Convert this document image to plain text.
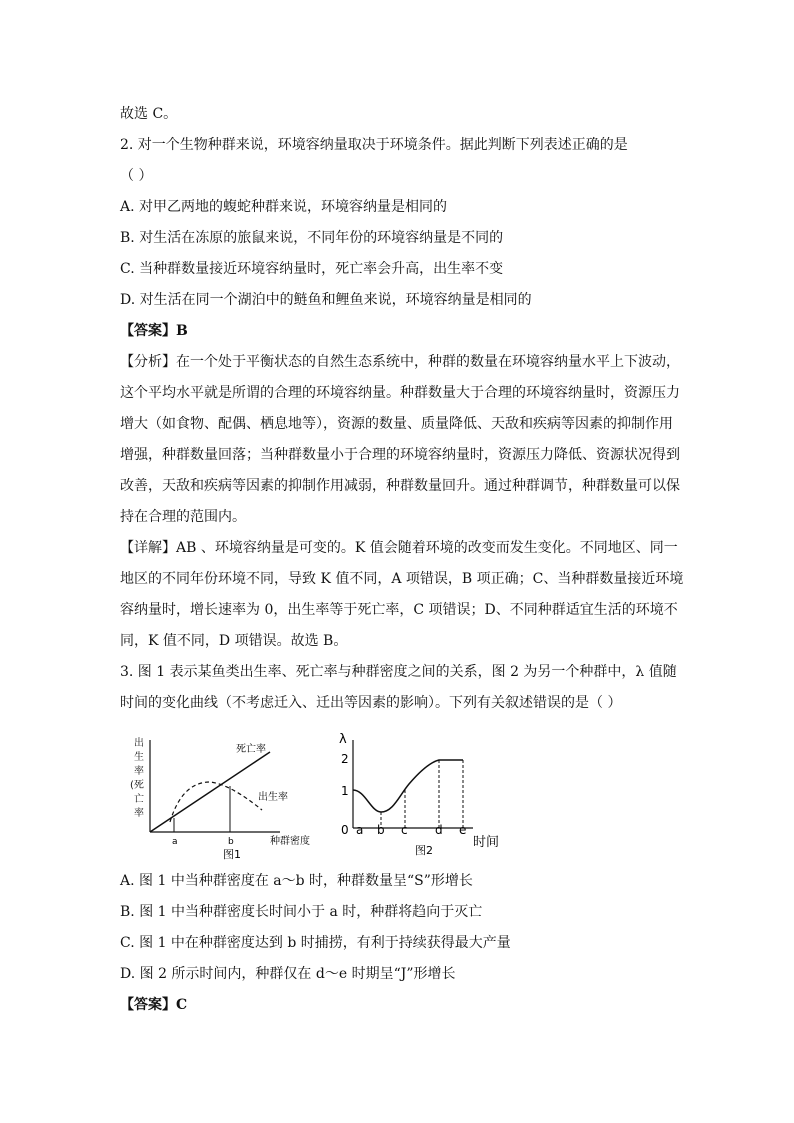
故选 C。
2. 对一个生物种群来说，环境容纳量取决于环境条件。据此判断下列表述正确的是
（ ）
A. 对甲乙两地的蝮蛇种群来说，环境容纳量是相同的
B. 对生活在冻原的旅鼠来说，不同年份的环境容纳量是不同的
C. 当种群数量接近环境容纳量时，死亡率会升高，出生率不变
D. 对生活在同一个湖泊中的鲢鱼和鲤鱼来说，环境容纳量是相同的
【答案】B
【分析】在一个处于平衡状态的自然生态系统中，种群的数量在环境容纳量水平上下波动，
这个平均水平就是所谓的合理的环境容纳量。种群数量大于合理的环境容纳量时，资源压力
增大（如食物、配偶、栖息地等），资源的数量、质量降低、天敌和疾病等因素的抑制作用
增强，种群数量回落；当种群数量小于合理的环境容纳量时，资源压力降低、资源状况得到
改善，天敌和疾病等因素的抑制作用减弱，种群数量回升。通过种群调节，种群数量可以保
持在合理的范围内。
【详解】AB 、环境容纳量是可变的。K 值会随着环境的改变而发生变化。不同地区、同一
地区的不同年份环境不同，导致 K 值不同，A 项错误，B 项正确；C、当种群数量接近环境
容纳量时，增长速率为 0，出生率等于死亡率，C 项错误；D、不同种群适宜生活的环境不
同，K 值不同，D 项错误。故选 B。
3. 图 1 表示某鱼类出生率、死亡率与种群密度之间的关系，图 2 为另一个种群中，λ 值随
时间的变化曲线（不考虑迁入、迁出等因素的影响）。下列有关叙述错误的是（ ）
出
生
率
(死
亡
率
死亡率
出生率
a	b	种群密度
图1
λ
2
1
0 a b c d e
时间
图2
A. 图 1 中当种群密度在 a～b 时，种群数量呈“S”形增长
B. 图 1 中当种群密度长时间小于 a 时，种群将趋向于灭亡
C. 图 1 中在种群密度达到 b 时捕捞，有利于持续获得最大产量
D. 图 2 所示时间内，种群仅在 d～e 时期呈“J”形增长
【答案】C
